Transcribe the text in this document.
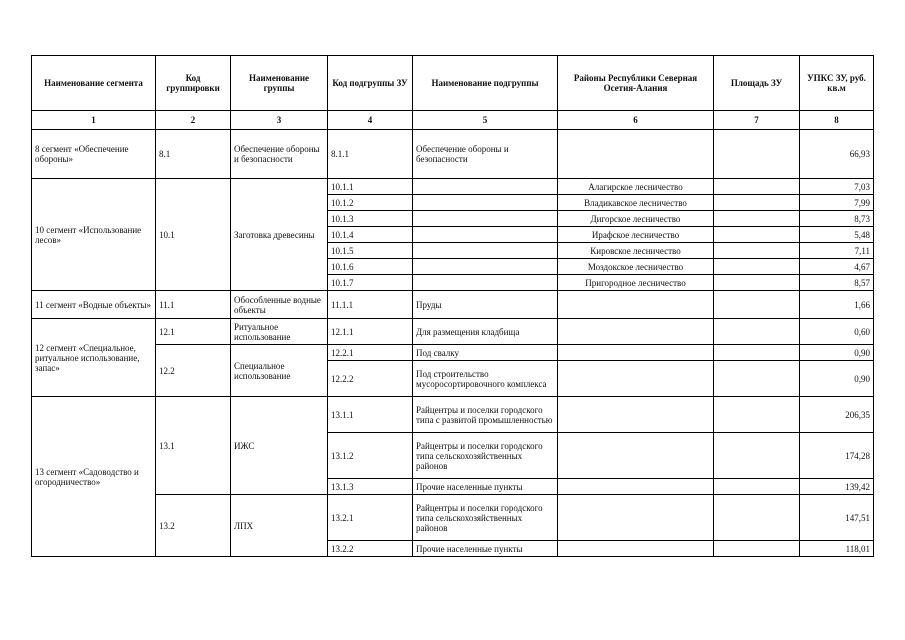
Наименование сегмента	Код группировки	Наименование группы	Код подгруппы ЗУ	Наименование подгруппы	Районы Республики Северная Осетия-Алания	Площадь ЗУ	УПКС ЗУ, руб. кв.м
1	2	3	4	5	6	7	8
8 сегмент «Обеспечение обороны»	8.1	Обеспечение обороны и безопасности	8.1.1	Обеспечение обороны и безопасности			66,93
10 сегмент «Использование лесов»	10.1	Заготовка древесины	10.1.1		Алагирское лесничество		7,03
			10.1.2		Владикавское лесничество		7,99
			10.1.3		Дигорское лесничество		8,73
			10.1.4		Ирафское лесничество		5,48
			10.1.5		Кировское лесничество		7,11
			10.1.6		Моздокское лесничество		4,67
			10.1.7		Пригородное лесничество		8,57
11 сегмент «Водные объекты»	11.1	Обособленные водные объекты	11.1.1	Пруды			1,66
12 сегмент «Специальное, ритуальное использование, запас»	12.1	Ритуальное использование	12.1.1	Для размещения кладбища			0,60
	12.2	Специальное использование	12.2.1	Под свалку			0,90
			12.2.2	Под строительство мусоросортировочного комплекса			0,90
13 сегмент «Садоводство и огородничество»	13.1	ИЖС	13.1.1	Райцентры и поселки городского типа с развитой промышленностью			206,35
			13.1.2	Райцентры и поселки городского типа сельскохозяйственных районов			174,28
			13.1.3	Прочие населенные пункты			139,42
	13.2	ЛПХ	13.2.1	Райцентры и поселки городского типа сельскохозяйственных районов			147,51
			13.2.2	Прочие населенные пункты			118,01
